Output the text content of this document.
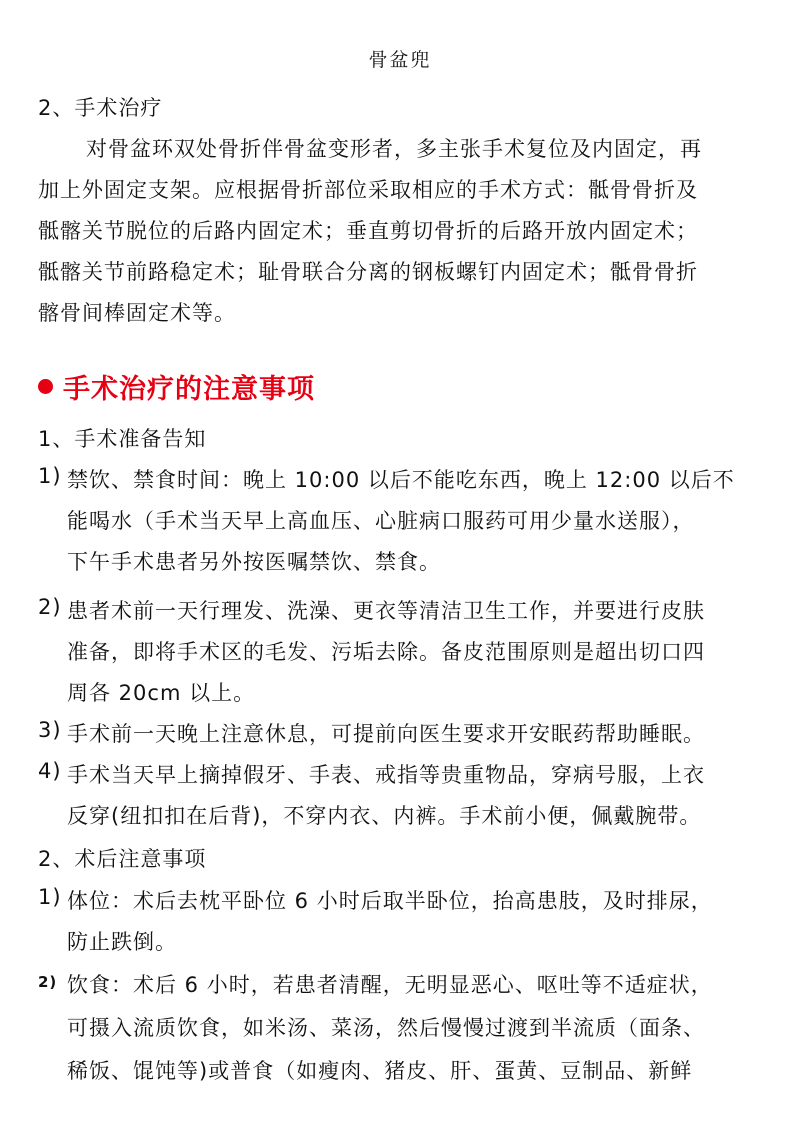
骨盆兜
2、手术治疗
对骨盆环双处骨折伴骨盆变形者，多主张手术复位及内固定，再
加上外固定支架。应根据骨折部位采取相应的手术方式：骶骨骨折及
骶髂关节脱位的后路内固定术；垂直剪切骨折的后路开放内固定术；
骶髂关节前路稳定术；耻骨联合分离的钢板螺钉内固定术；骶骨骨折
髂骨间棒固定术等。
手术治疗的注意事项
1、手术准备告知
1) 禁饮、禁食时间：晚上 10:00 以后不能吃东西，晚上 12:00 以后不
能喝水（手术当天早上高血压、心脏病口服药可用少量水送服），
下午手术患者另外按医嘱禁饮、禁食。
2) 患者术前一天行理发、洗澡、更衣等清洁卫生工作，并要进行皮肤
准备，即将手术区的毛发、污垢去除。备皮范围原则是超出切口四
周各 20cm 以上。
3) 手术前一天晚上注意休息，可提前向医生要求开安眠药帮助睡眠。
4) 手术当天早上摘掉假牙、手表、戒指等贵重物品，穿病号服，上衣
反穿(纽扣扣在后背)，不穿内衣、内裤。手术前小便，佩戴腕带。
2、术后注意事项
1) 体位：术后去枕平卧位 6 小时后取半卧位，抬高患肢，及时排尿，
防止跌倒。
2) 饮食：术后 6 小时，若患者清醒，无明显恶心、呕吐等不适症状，
可摄入流质饮食，如米汤、菜汤，然后慢慢过渡到半流质（面条、
稀饭、馄饨等)或普食（如瘦肉、猪皮、肝、蛋黄、豆制品、新鲜
